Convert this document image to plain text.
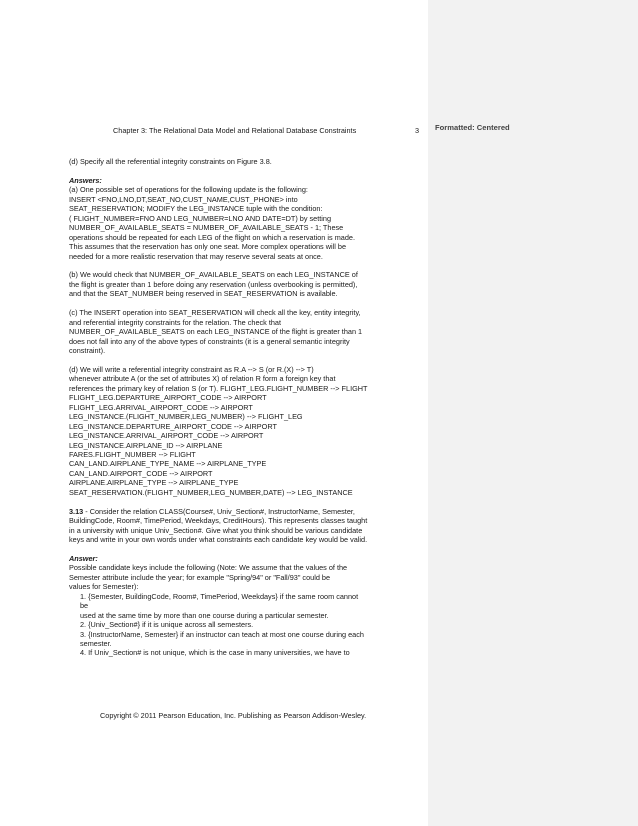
Formatted: Centered
Chapter 3: The Relational Data Model and Relational Database Constraints	3

(d) Specify all the referential integrity constraints on Figure 3.8.

Answers:

(a) One possible set of operations for the following update is the following:

INSERT <FNO,LNO,DT,SEAT_NO,CUST_NAME,CUST_PHONE> into

SEAT_RESERVATION; MODIFY the LEG_INSTANCE tuple with the condition:

( FLIGHT_NUMBER=FNO AND LEG_NUMBER=LNO AND DATE=DT) by setting

NUMBER_OF_AVAILABLE_SEATS = NUMBER_OF_AVAILABLE_SEATS - 1; These

operations should be repeated for each LEG of the flight on which a reservation is made.

This assumes that the reservation has only one seat. More complex operations will be

needed for a more realistic reservation that may reserve several seats at once.

(b) We would check that NUMBER_OF_AVAILABLE_SEATS on each LEG_INSTANCE of

the flight is greater than 1 before doing any reservation (unless overbooking is permitted),

and that the SEAT_NUMBER being reserved in SEAT_RESERVATION is available.

(c) The INSERT operation into SEAT_RESERVATION will check all the key, entity integrity,

and referential integrity constraints for the relation. The check that

NUMBER_OF_AVAILABLE_SEATS on each LEG_INSTANCE of the flight is greater than 1

does not fall into any of the above types of constraints (it is a general semantic integrity

constraint).

(d) We will write a referential integrity constraint as R.A --> S (or R.(X) --> T)

whenever attribute A (or the set of attributes X) of relation R form a foreign key that

references the primary key of relation S (or T). FLIGHT_LEG.FLIGHT_NUMBER --> FLIGHT

FLIGHT_LEG.DEPARTURE_AIRPORT_CODE --> AIRPORT

FLIGHT_LEG.ARRIVAL_AIRPORT_CODE --> AIRPORT

LEG_INSTANCE.(FLIGHT_NUMBER,LEG_NUMBER) --> FLIGHT_LEG

LEG_INSTANCE.DEPARTURE_AIRPORT_CODE --> AIRPORT

LEG_INSTANCE.ARRIVAL_AIRPORT_CODE --> AIRPORT

LEG_INSTANCE.AIRPLANE_ID --> AIRPLANE

FARES.FLIGHT_NUMBER --> FLIGHT

CAN_LAND.AIRPLANE_TYPE_NAME --> AIRPLANE_TYPE

CAN_LAND.AIRPORT_CODE --> AIRPORT

AIRPLANE.AIRPLANE_TYPE --> AIRPLANE_TYPE

SEAT_RESERVATION.(FLIGHT_NUMBER,LEG_NUMBER,DATE) --> LEG_INSTANCE

3.13 - Consider the relation CLASS(Course#, Univ_Section#, InstructorName, Semester,

BuildingCode, Room#, TimePeriod, Weekdays, CreditHours). This represents classes taught

in a university with unique Univ_Section#. Give what you think should be various candidate

keys and write in your own words under what constraints each candidate key would be valid.

Answer:

Possible candidate keys include the following (Note: We assume that the values of the

Semester attribute include the year; for example "Spring/94" or "Fall/93" could be

values for Semester):

1. {Semester, BuildingCode, Room#, TimePeriod, Weekdays} if the same room cannot

be

used at the same time by more than one course during a particular semester.

2. {Univ_Section#} if it is unique across all semesters.

3. {InstructorName, Semester} if an instructor can teach at most one course during each

semester.

4. If Univ_Section# is not unique, which is the case in many universities, we have to

Copyright © 2011 Pearson Education, Inc. Publishing as Pearson Addison-Wesley.
